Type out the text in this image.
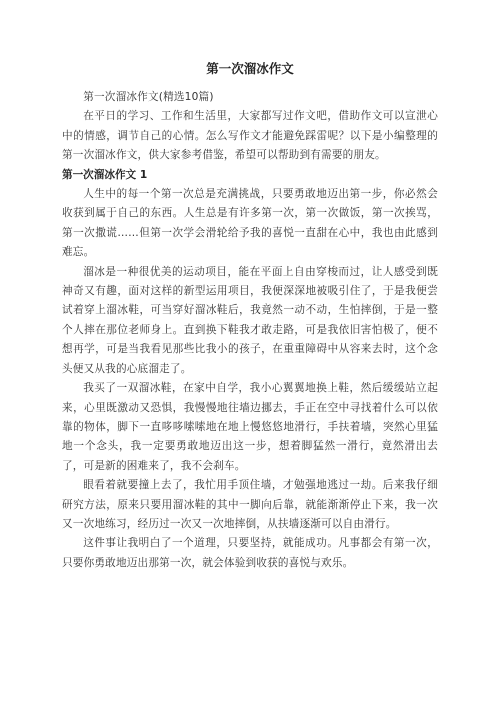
第一次溜冰作文

第一次溜冰作文(精选10篇)

在平日的学习、工作和生活里，大家都写过作文吧，借助作文可以宣泄心中的情感，调节自己的心情。怎么写作文才能避免踩雷呢？以下是小编整理的第一次溜冰作文，供大家参考借鉴，希望可以帮助到有需要的朋友。

第一次溜冰作文 1

人生中的每一个第一次总是充满挑战，只要勇敢地迈出第一步，你必然会收获到属于自己的东西。人生总是有许多第一次，第一次做饭，第一次挨骂，第一次撒谎……但第一次学会滑轮给予我的喜悦一直甜在心中，我也由此感到难忘。

溜冰是一种很优美的运动项目，能在平面上自由穿梭而过，让人感受到既神奇又有趣，面对这样的新型运用项目，我便深深地被吸引住了，于是我便尝试着穿上溜冰鞋，可当穿好溜冰鞋后，我竟然一动不动，生怕摔倒，于是一整个人摔在那位老师身上。直到换下鞋我才敢走路，可是我依旧害怕极了，便不想再学，可是当我看见那些比我小的孩子，在重重障碍中从容来去时，这个念头便又从我的心底溜走了。

我买了一双溜冰鞋，在家中自学，我小心翼翼地换上鞋，然后缓缓站立起来，心里既激动又恐惧，我慢慢地往墙边挪去，手正在空中寻找着什么可以依靠的物体，脚下一直哆哆嗦嗦地在地上慢悠悠地滑行，手扶着墙，突然心里猛地一个念头，我一定要勇敢地迈出这一步，想着脚猛然一滑行，竟然滑出去了，可是新的困难来了，我不会刹车。

眼看着就要撞上去了，我忙用手顶住墙，才勉强地逃过一劫。后来我仔细研究方法，原来只要用溜冰鞋的其中一脚向后靠，就能渐渐停止下来，我一次又一次地练习，经历过一次又一次地摔倒，从扶墙逐渐可以自由滑行。

这件事让我明白了一个道理，只要坚持，就能成功。凡事都会有第一次，只要你勇敢地迈出那第一次，就会体验到收获的喜悦与欢乐。
